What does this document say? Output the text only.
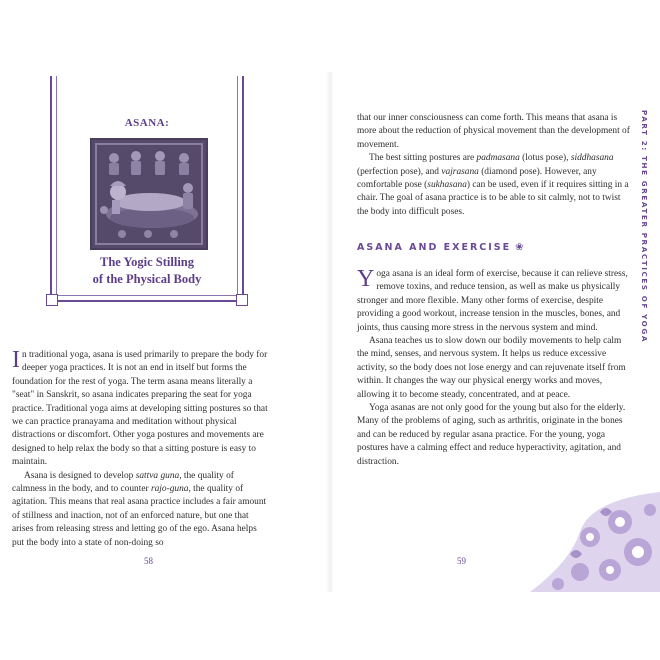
ASANA:
The Yogic Stilling
of the Physical Body

In traditional yoga, asana is used primarily to prepare the body for deeper yoga practices. It is not an end in itself but forms the foundation for the rest of yoga. The term asana means literally a "seat" in Sanskrit, so asana indicates preparing the seat for yoga practice. Traditional yoga aims at developing sitting postures so that we can practice pranayama and meditation without physical distractions or discomfort. Other yoga postures and movements are designed to help relax the body so that a sitting posture is easy to maintain.

Asana is designed to develop sattva guna, the quality of calmness in the body, and to counter rajo-guna, the quality of agitation. This means that real asana practice includes a fair amount of stillness and inaction, not of an enforced nature, but one that arises from releasing stress and letting go of the ego. Asana helps put the body into a state of non-doing so

58

that our inner consciousness can come forth. This means that asana is more about the reduction of physical movement than the development of movement.

The best sitting postures are padmasana (lotus pose), siddhasana (perfection pose), and vajrasana (diamond pose). However, any comfortable pose (sukhasana) can be used, even if it requires sitting in a chair. The goal of asana practice is to be able to sit calmly, not to twist the body into difficult poses.

ASANA AND EXERCISE ❀

Yoga asana is an ideal form of exercise, because it can relieve stress, remove toxins, and reduce tension, as well as make us physically stronger and more flexible. Many other forms of exercise, despite providing a good workout, increase tension in the muscles, bones, and joints, thus causing more stress in the nervous system and mind.

Asana teaches us to slow down our bodily movements to help calm the mind, senses, and nervous system. It helps us reduce excessive activity, so the body does not lose energy and can rejuvenate itself from within. It changes the way our physical energy works and moves, allowing it to become steady, concentrated, and at peace.

Yoga asanas are not only good for the young but also for the elderly. Many of the problems of aging, such as arthritis, originate in the bones and can be reduced by regular asana practice. For the young, yoga postures have a calming effect and reduce hyperactivity, agitation, and distraction.

PART 2: THE GREATER PRACTICES OF YOGA
59
